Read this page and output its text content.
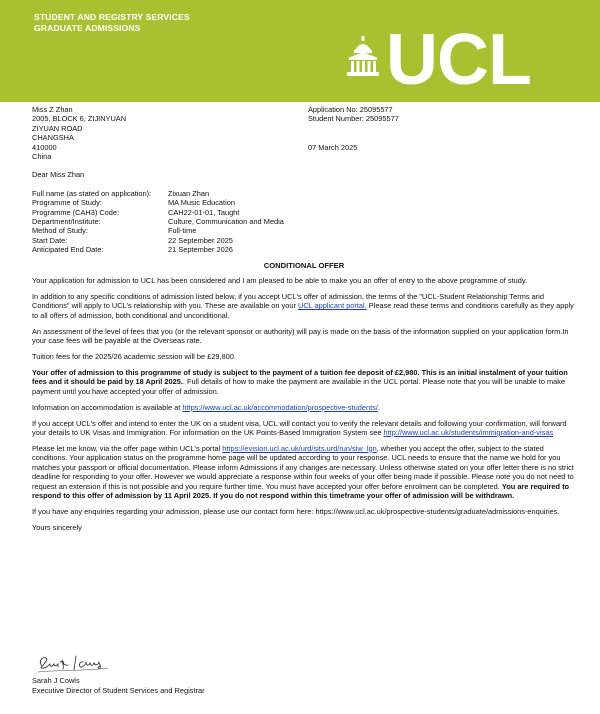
STUDENT AND REGISTRY SERVICES
GRADUATE ADMISSIONS	UCL
Miss Z Zhan
2005, BLOCK 6, ZIJINYUAN
ZIYUAN ROAD
CHANGSHA
410000
China
Application No: 25095577
Student Number: 25095577
07 March 2025
Dear Miss Zhan
Full name (as stated on application):	Zixuan Zhan
Programme of Study:	MA Music Education
Programme (CAH3) Code:	CAH22-01-01, Taught
Department/Institute:	Culture, Communication and Media
Method of Study:	Full-time
Start Date:	22 September 2025
Anticipated End Date:	21 September 2026
CONDITIONAL OFFER

Your application for admission to UCL has been considered and I am pleased to be able to make you an offer of entry to the above programme of study.

In addition to any specific conditions of admission listed below, if you accept UCL's offer of admission, the terms of the "UCL-Student Relationship Terms and Conditions" will apply to UCL's relationship with you. These are available on your UCL applicant portal. Please read these terms and conditions carefully as they apply to all offers of admission, both conditional and unconditional.

An assessment of the level of fees that you (or the relevant sponsor or authority) will pay is made on the basis of the information supplied on your application form.In your case fees will be payable at the Overseas rate.

Tuition fees for the 2025/26 academic session will be £29,800.

Your offer of admission to this programme of study is subject to the payment of a tuition fee deposit of £2,980. This is an initial instalment of your tuition fees and it should be paid by 18 April 2025.. Full details of how to make the payment are available in the UCL portal. Please note that you will be unable to make payment until you have accepted your offer of admission.

Information on accommodation is available at https://www.ucl.ac.uk/accommodation/prospective-students/.

If you accept UCL's offer and intend to enter the UK on a student visa, UCL will contact you to verify the relevant details and following your confirmation, will forward your details to UK Visas and Immigration. For information on the UK Points-Based Immigration System see http://www.ucl.ac.uk/students/immigration-and-visas

Please let me know, via the offer page within UCL's portal https://evision.ucl.ac.uk/urd/sits.urd/run/siw_lgn, whether you accept the offer, subject to the stated conditions. Your application status on the programme home page will be updated according to your response. UCL needs to ensure that the name we hold for you matches your passport or official documentation. Please inform Admissions if any changes are necessary. Unless otherwise stated on your offer letter there is no strict deadline for responding to your offer. However we would appreciate a response within four weeks of your offer being made if possible. Please note you do not need to request an extension if this is not possible and you require further time. You must have accepted your offer before enrolment can be completed. You are required to respond to this offer of admission by 11 April 2025. If you do not respond within this timeframe your offer of admission will be withdrawn.

If you have any enquiries regarding your admission, please use our contact form here: https://www.ucl.ac.uk/prospective-students/graduate/admissions-enquiries.

Yours sincerely

Sarah J Cowls
Executive Director of Student Services and Registrar
